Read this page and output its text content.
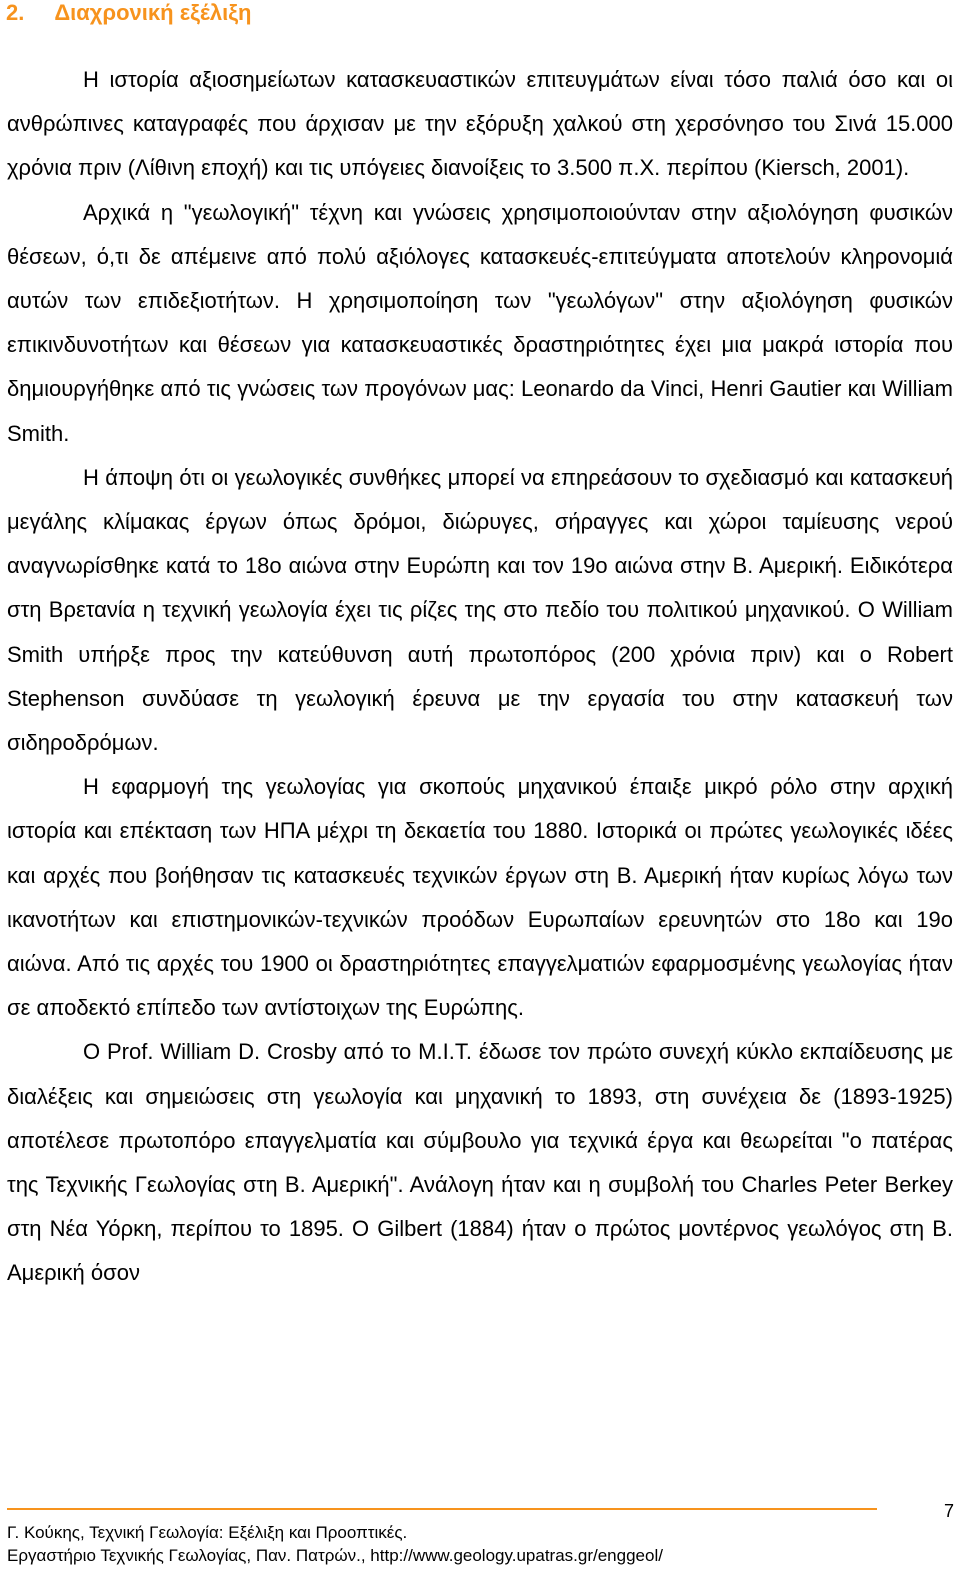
2. Διαχρονική εξέλιξη

Η ιστορία αξιοσημείωτων κατασκευαστικών επιτευγμάτων είναι τόσο παλιά όσο και οι ανθρώπινες καταγραφές που άρχισαν με την εξόρυξη χαλκού στη χερσόνησο του Σινά 15.000 χρόνια πριν (Λίθινη εποχή) και τις υπόγειες διανοίξεις το 3.500 π.Χ. περίπου (Kiersch, 2001).

Αρχικά η "γεωλογική" τέχνη και γνώσεις χρησιμοποιούνταν στην αξιολόγηση φυσικών θέσεων, ό,τι δε απέμεινε από πολύ αξιόλογες κατασκευές-επιτεύγματα αποτελούν κληρονομιά αυτών των επιδεξιοτήτων. Η χρησιμοποίηση των "γεωλόγων" στην αξιολόγηση φυσικών επικινδυνοτήτων και θέσεων για κατασκευαστικές δραστηριότητες έχει μια μακρά ιστορία που δημιουργήθηκε από τις γνώσεις των προγόνων μας: Leonardo da Vinci, Henri Gautier και William Smith.

Η άποψη ότι οι γεωλογικές συνθήκες μπορεί να επηρεάσουν το σχεδιασμό και κατασκευή μεγάλης κλίμακας έργων όπως δρόμοι, διώρυγες, σήραγγες και χώροι ταμίευσης νερού αναγνωρίσθηκε κατά το 18ο αιώνα στην Ευρώπη και τον 19ο αιώνα στην Β. Αμερική. Ειδικότερα στη Βρετανία η τεχνική γεωλογία έχει τις ρίζες της στο πεδίο του πολιτικού μηχανικού. Ο William Smith υπήρξε προς την κατεύθυνση αυτή πρωτοπόρος (200 χρόνια πριν) και ο Robert Stephenson συνδύασε τη γεωλογική έρευνα με την εργασία του στην κατασκευή των σιδηροδρόμων.

Η εφαρμογή της γεωλογίας για σκοπούς μηχανικού έπαιξε μικρό ρόλο στην αρχική ιστορία και επέκταση των ΗΠΑ μέχρι τη δεκαετία του 1880. Ιστορικά οι πρώτες γεωλογικές ιδέες και αρχές που βοήθησαν τις κατασκευές τεχνικών έργων στη Β. Αμερική ήταν κυρίως λόγω των ικανοτήτων και επιστημονικών-τεχνικών προόδων Ευρωπαίων ερευνητών στο 18ο και 19ο αιώνα. Από τις αρχές του 1900 οι δραστηριότητες επαγγελματιών εφαρμοσμένης γεωλογίας ήταν σε αποδεκτό επίπεδο των αντίστοιχων της Ευρώπης.

Ο Prof. William D. Crosby από το M.I.T. έδωσε τον πρώτο συνεχή κύκλο εκπαίδευσης με διαλέξεις και σημειώσεις στη γεωλογία και μηχανική το 1893, στη συνέχεια δε (1893-1925) αποτέλεσε πρωτοπόρο επαγγελματία και σύμβουλο για τεχνικά έργα και θεωρείται "ο πατέρας της Τεχνικής Γεωλογίας στη Β. Αμερική". Ανάλογη ήταν και η συμβολή του Charles Peter Berkey στη Νέα Υόρκη, περίπου το 1895. Ο Gilbert (1884) ήταν ο πρώτος μοντέρνος γεωλόγος στη Β. Αμερική όσον

7
Γ. Κούκης, Τεχνική Γεωλογία: Εξέλιξη και Προοπτικές.
Εργαστήριο Τεχνικής Γεωλογίας, Παν. Πατρών., http://www.geology.upatras.gr/enggeol/
